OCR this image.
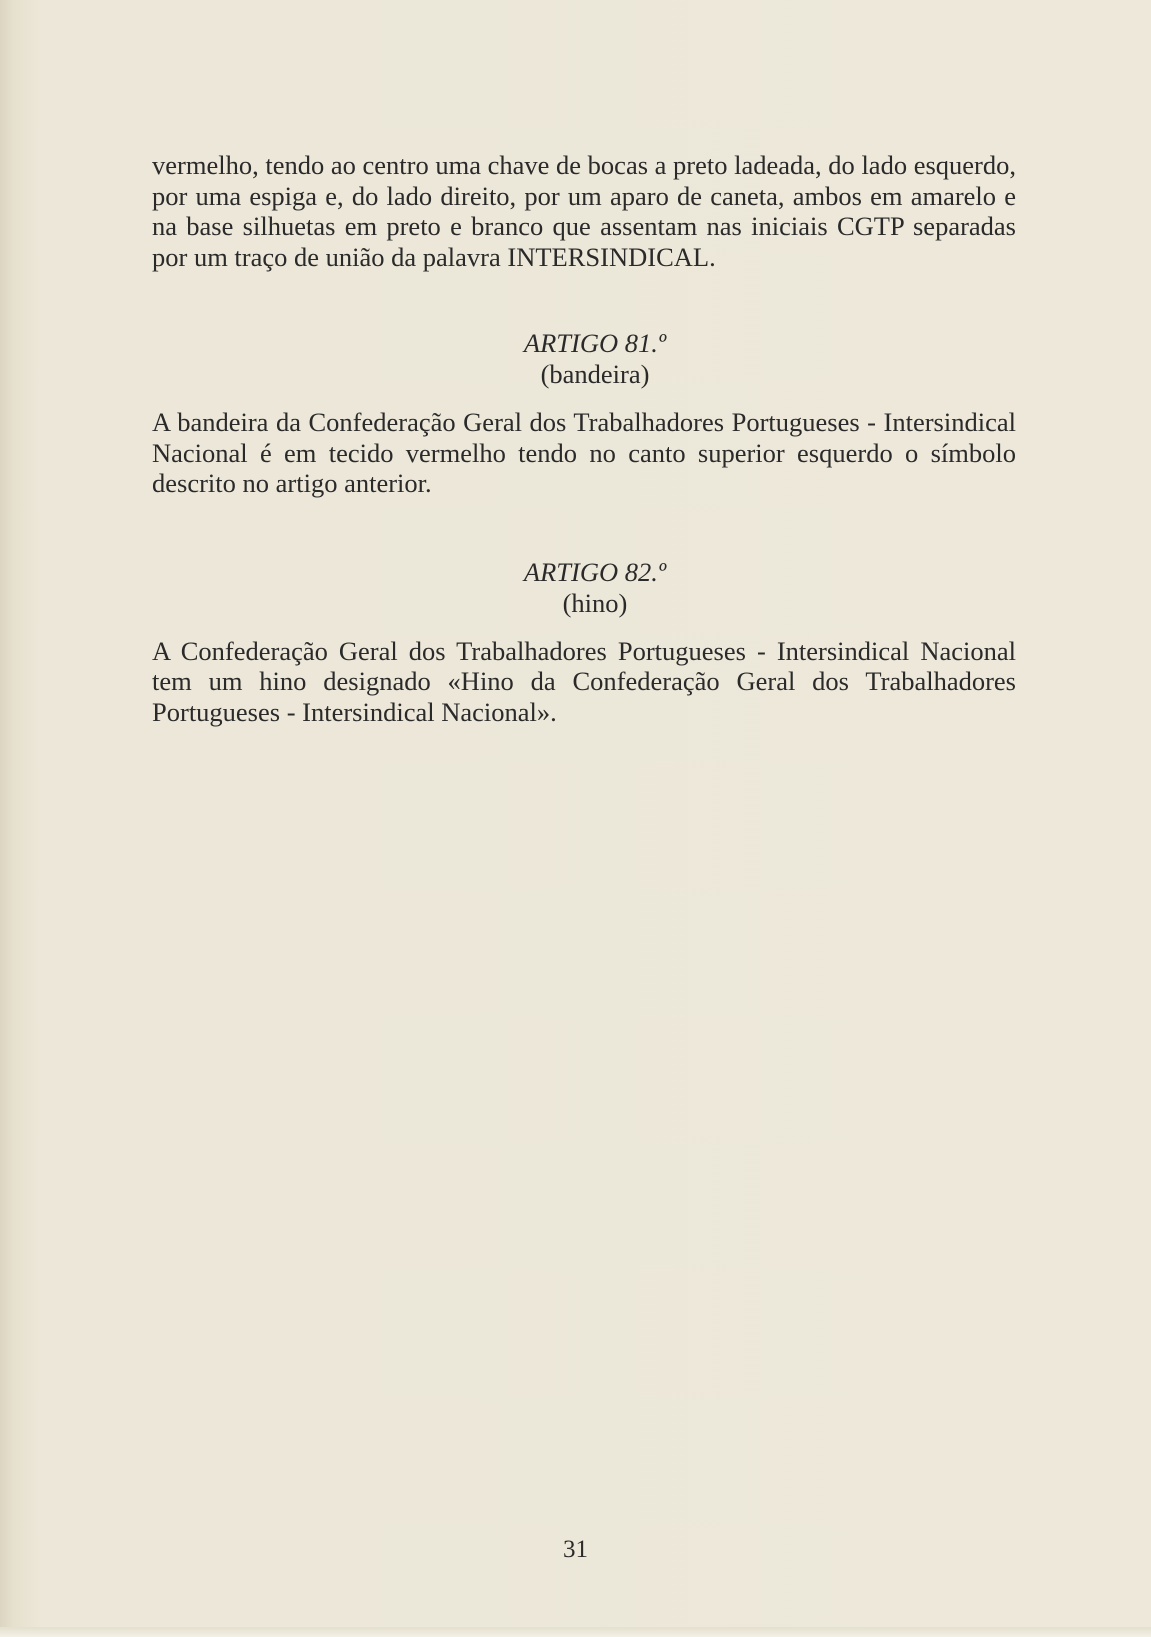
vermelho, tendo ao centro uma chave de bocas a preto ladeada, do lado esquerdo, por uma espiga e, do lado direito, por um aparo de caneta, ambos em amarelo e na base silhuetas em preto e branco que assentam nas iniciais CGTP separadas por um traço de união da palavra INTERSINDICAL.

ARTIGO 81.º
(bandeira)

A bandeira da Confederação Geral dos Trabalhadores Portugueses - Intersindical Nacional é em tecido vermelho tendo no canto superior esquerdo o símbolo descrito no artigo anterior.

ARTIGO 82.º
(hino)

A Confederação Geral dos Trabalhadores Portugueses - Intersindical Nacional tem um hino designado «Hino da Confederação Geral dos Trabalhadores Portugueses - Intersindical Nacional».

31
